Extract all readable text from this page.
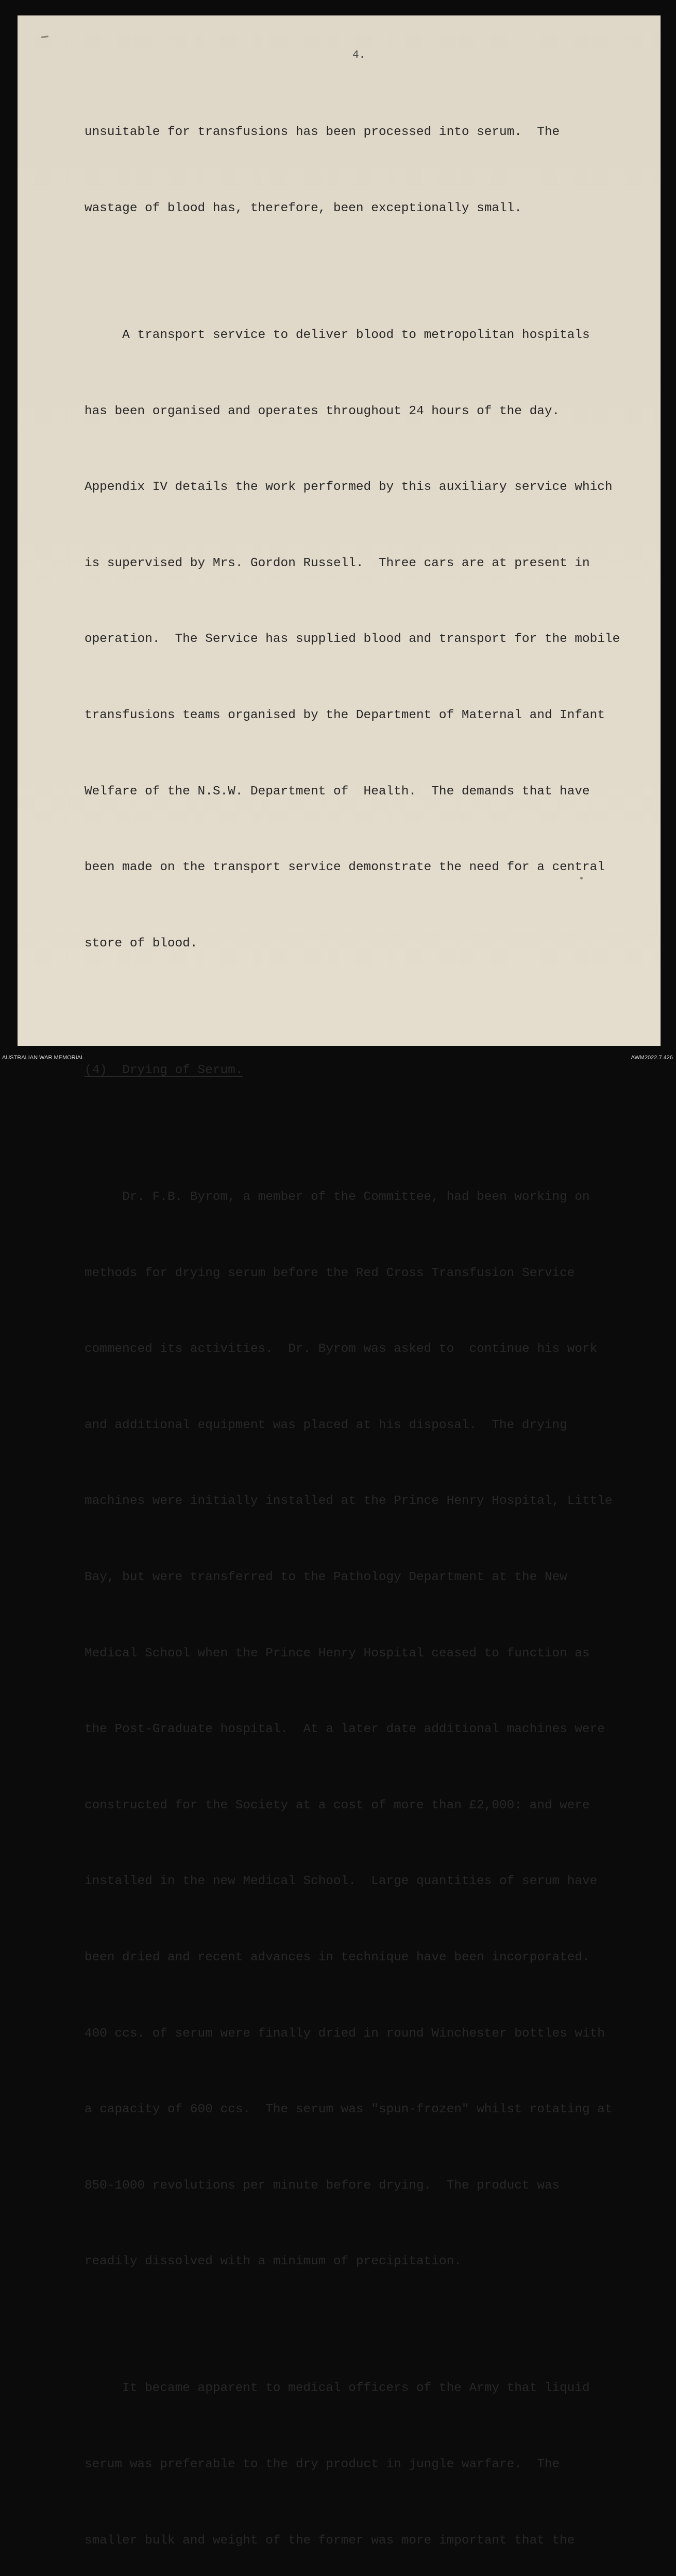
4.

unsuitable for transfusions has been processed into serum.  The

wastage of blood has, therefore, been exceptionally small.

A transport service to deliver blood to metropolitan hospitals

has been organised and operates throughout 24 hours of the day.

Appendix IV details the work performed by this auxiliary service which

is supervised by Mrs. Gordon Russell.  Three cars are at present in

operation.  The Service has supplied blood and transport for the mobile

transfusions teams organised by the Department of Maternal and Infant

Welfare of the N.S.W. Department of  Health.  The demands that have

been made on the transport service demonstrate the need for a central

store of blood.

(4)  Drying of Serum.

Dr. F.B. Byrom, a member of the Committee, had been working on

methods for drying serum before the Red Cross Transfusion Service

commenced its activities.  Dr. Byrom was asked to  continue his work

and additional equipment was placed at his disposal.  The drying

machines were initially installed at the Prince Henry Hospital, Little

Bay, but were transferred to the Pathology Department at the New

Medical School when the Prince Henry Hospital ceased to function as

the Post-Graduate hospital.  At a later date additional machines were

constructed for the Society at a cost of more than £2,000: and were

installed in the new Medical School.  Large quantities of serum have

been dried and recent advances in technique have been incorporated.

400 ccs. of serum were finally dried in round Winchester bottles with

a capacity of 600 ccs.  The serum was "spun-frozen" whilst rotating at

850-1000 revolutions per minute before drying.  The product was

readily dissolved with a minimum of precipitation.

It became apparent to medical officers of the Army that liquid

serum was preferable to the dry product in jungle warfare.  The

smaller bulk and weight of the former was more important that the

AUSTRALIAN WAR MEMORIAL	AWM2022.7.426
